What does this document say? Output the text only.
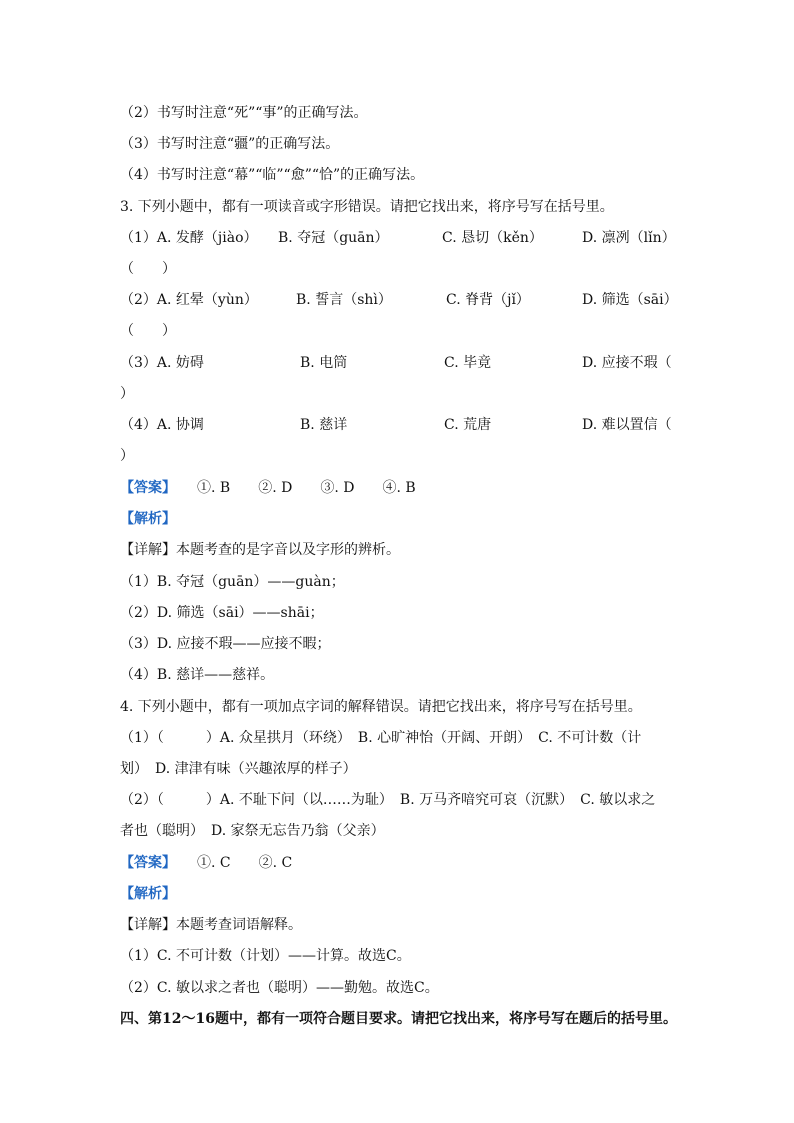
（2）书写时注意“死”“事”的正确写法。
（3）书写时注意“疆”的正确写法。
（4）书写时注意“幕”“临”“愈”“恰”的正确写法。
3. 下列小题中，都有一项读音或字形错误。请把它找出来，将序号写在括号里。
（1）A. 发酵（jiào） B. 夺冠（guān）	C. 恳切（kěn）	D. 凛冽（lǐn）
（　　）
（2）A. 红晕（yùn）	B. 誓言（shì）	C. 脊背（jǐ）	D. 筛选（sāi）
（　　）
（3）A. 妨碍	B. 电筒	C. 毕竟	D. 应接不瑕（
）
（4）A. 协调	B. 慈详	C. 荒唐	D. 难以置信（
）
【答案】　　 ①. B　　②. D　　③. D　　④. B
【解析】
【详解】本题考查的是字音以及字形的辨析。
（1）B. 夺冠（guān）——guàn；
（2）D. 筛选（sāi）——shāi；
（3）D. 应接不瑕——应接不暇；
（4）B. 慈详——慈祥。
4. 下列小题中，都有一项加点字词的解释错误。请把它找出来，将序号写在括号里。
（1）（　　　）A. 众星拱月（环绕）　B. 心旷神怡（开阔、开朗）　C. 不可计数（计
划）　D. 津津有味（兴趣浓厚的样子）
（2）（　　　）A. 不耻下问（以……为耻）　B. 万马齐喑究可哀（沉默）　C. 敏以求之
者也（聪明）　D. 家祭无忘告乃翁（父亲）
【答案】　　 ①. C　　②. C
【解析】
【详解】本题考查词语解释。
（1）C. 不可计数（计划）——计算。故选C。
（2）C. 敏以求之者也（聪明）——勤勉。故选C。
四、第12～16题中，都有一项符合题目要求。请把它找出来，将序号写在题后的括号里。
